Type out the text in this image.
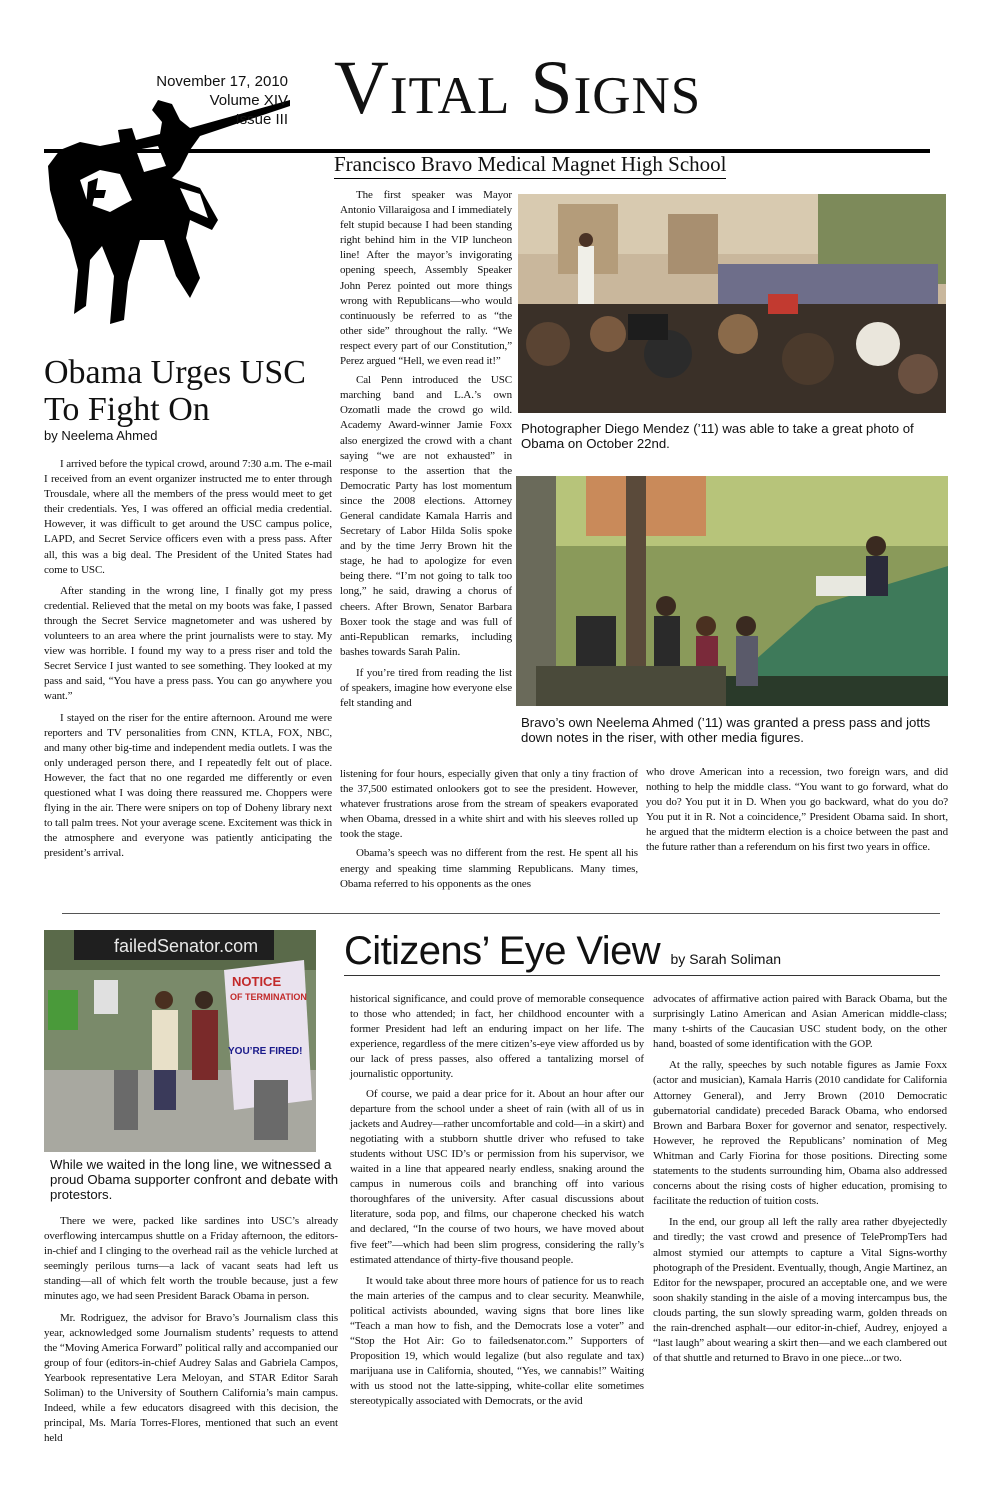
November 17, 2010
Volume XIV
Issue III Vital Signs
Francisco Bravo Medical Magnet High School
Obama Urges USC
To Fight On
by Neelema Ahmed

I arrived before the typical crowd, around 7:30 a.m. The e-mail I received from an event organizer instructed me to enter through Trousdale, where all the members of the press would meet to get their credentials. Yes, I was offered an official media credential. However, it was difficult to get around the USC campus police, LAPD, and Secret Service officers even with a press pass. After all, this was a big deal. The President of the United States had come to USC.

After standing in the wrong line, I finally got my press credential. Relieved that the metal on my boots was fake, I passed through the Secret Service magnetometer and was ushered by volunteers to an area where the print journalists were to stay. My view was horrible. I found my way to a press riser and told the Secret Service I just wanted to see something. They looked at my pass and said, “You have a press pass. You can go anywhere you want.”

I stayed on the riser for the entire afternoon. Around me were reporters and TV personalities from CNN, KTLA, FOX, NBC, and many other big-time and independent media outlets. I was the only underaged person there, and I repeatedly felt out of place. However, the fact that no one regarded me differently or even questioned what I was doing there reassured me. Choppers were flying in the air. There were snipers on top of Doheny library next to tall palm trees. Not your average scene. Excitement was thick in the atmosphere and everyone was patiently anticipating the president’s arrival.

The first speaker was Mayor Antonio Villaraigosa and I immediately felt stupid because I had been standing right behind him in the VIP luncheon line! After the mayor’s invigorating opening speech, Assembly Speaker John Perez pointed out more things wrong with Republicans—who would continuously be referred to as “the other side” throughout the rally. “We respect every part of our Constitution,” Perez argued “Hell, we even read it!”

Cal Penn introduced the USC marching band and L.A.’s own Ozomatli made the crowd go wild. Academy Award-winner Jamie Foxx also energized the crowd with a chant saying “we are not exhausted” in response to the assertion that the Democratic Party has lost momentum since the 2008 elections. Attorney General candidate Kamala Harris and Secretary of Labor Hilda Solis spoke and by the time Jerry Brown hit the stage, he had to apologize for even being there. “I’m not going to talk too long,” he said, drawing a chorus of cheers. After Brown, Senator Barbara Boxer took the stage and was full of anti-Republican remarks, including bashes towards Sarah Palin.

If you’re tired from reading the list of speakers, imagine how everyone else felt standing and

listening for four hours, especially given that only a tiny fraction of the 37,500 estimated onlookers got to see the president. However, whatever frustrations arose from the stream of speakers evaporated when Obama, dressed in a white shirt and with his sleeves rolled up took the stage.

Obama’s speech was no different from the rest. He spent all his energy and speaking time slamming Republicans. Many times, Obama referred to his opponents as the ones

who drove American into a recession, two foreign wars, and did nothing to help the middle class. “You want to go forward, what do you do? You put it in D. When you go backward, what do you do? You put it in R. Not a coincidence,” President Obama said. In short, he argued that the midterm election is a choice between the past and the future rather than a referendum on his first two years in office.

Photographer Diego Mendez (’11) was able to take a great photo of Obama on October 22nd.
Bravo’s own Neelema Ahmed (’11) was granted a press pass and jotts down notes in the riser, with other media figures.
failedSenator.com
NOTICE
OF TERMINATION
YOU’RE FIRED!
While we waited in the long line, we witnessed a proud Obama supporter confront and debate with protestors.
Citizens’ Eye View by Sarah Soliman

There we were, packed like sardines into USC’s already overflowing intercampus shuttle on a Friday afternoon, the editors-in-chief and I clinging to the overhead rail as the vehicle lurched at seemingly perilous turns—a lack of vacant seats had left us standing—all of which felt worth the trouble because, just a few minutes ago, we had seen President Barack Obama in person.

Mr. Rodriguez, the advisor for Bravo’s Journalism class this year, acknowledged some Journalism students’ requests to attend the “Moving America Forward” political rally and accompanied our group of four (editors-in-chief Audrey Salas and Gabriela Campos, Yearbook representative Lera Meloyan, and STAR Editor Sarah Soliman) to the University of Southern California’s main campus. Indeed, while a few educators disagreed with this decision, the principal, Ms. María Torres-Flores, mentioned that such an event held

historical significance, and could prove of memorable consequence to those who attended; in fact, her childhood encounter with a former President had left an enduring impact on her life. The experience, regardless of the mere citizen’s-eye view afforded us by our lack of press passes, also offered a tantalizing morsel of journalistic opportunity.

Of course, we paid a dear price for it. About an hour after our departure from the school under a sheet of rain (with all of us in jackets and Audrey—rather uncomfortable and cold—in a skirt) and negotiating with a stubborn shuttle driver who refused to take students without USC ID’s or permission from his supervisor, we waited in a line that appeared nearly endless, snaking around the campus in numerous coils and branching off into various thoroughfares of the university. After casual discussions about literature, soda pop, and films, our chaperone checked his watch and declared, “In the course of two hours, we have moved about five feet”—which had been slim progress, considering the rally’s estimated attendance of thirty-five thousand people.

It would take about three more hours of patience for us to reach the main arteries of the campus and to clear security. Meanwhile, political activists abounded, waving signs that bore lines like “Teach a man how to fish, and the Democrats lose a voter” and “Stop the Hot Air: Go to failedsenator.com.” Supporters of Proposition 19, which would legalize (but also regulate and tax) marijuana use in California, shouted, “Yes, we cannabis!” Waiting with us stood not the latte-sipping, white-collar elite sometimes stereotypically associated with Democrats, or the avid

advocates of affirmative action paired with Barack Obama, but the surprisingly Latino American and Asian American middle-class; many t-shirts of the Caucasian USC student body, on the other hand, boasted of some identification with the GOP.

At the rally, speeches by such notable figures as Jamie Foxx (actor and musician), Kamala Harris (2010 candidate for California Attorney General), and Jerry Brown (2010 Democratic gubernatorial candidate) preceded Barack Obama, who endorsed Brown and Barbara Boxer for governor and senator, respectively. However, he reproved the Republicans’ nomination of Meg Whitman and Carly Fiorina for those positions. Directing some statements to the students surrounding him, Obama also addressed concerns about the rising costs of higher education, promising to facilitate the reduction of tuition costs.

In the end, our group all left the rally area rather dbyejectedly and tiredly; the vast crowd and presence of TelePrompTers had almost stymied our attempts to capture a Vital Signs-worthy photograph of the President. Eventually, though, Angie Martinez, an Editor for the newspaper, procured an acceptable one, and we were soon shakily standing in the aisle of a moving intercampus bus, the clouds parting, the sun slowly spreading warm, golden threads on the rain-drenched asphalt—our editor-in-chief, Audrey, enjoyed a “last laugh” about wearing a skirt then—and we each clambered out of that shuttle and returned to Bravo in one piece...or two.
